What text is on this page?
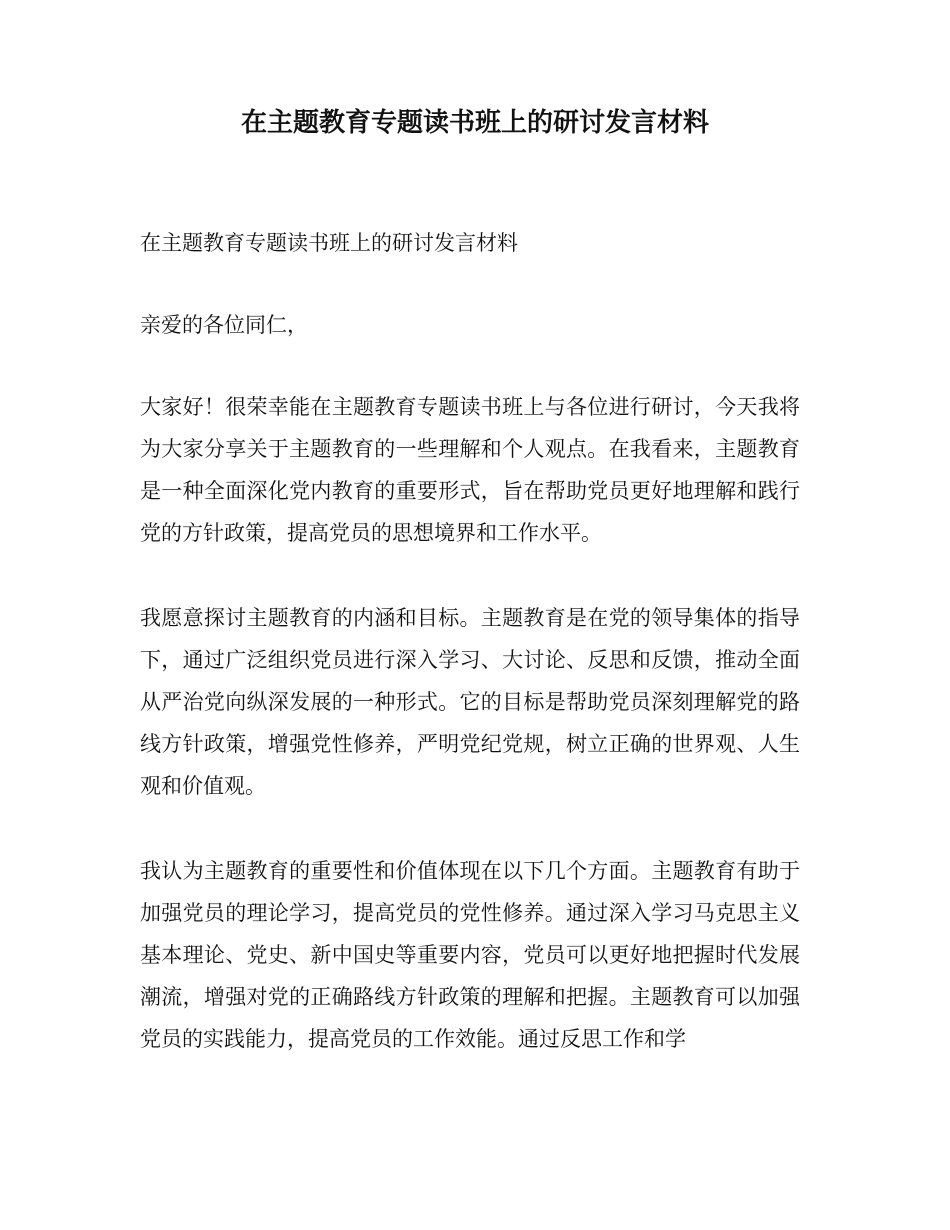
在主题教育专题读书班上的研讨发言材料

在主题教育专题读书班上的研讨发言材料

亲爱的各位同仁，

大家好！很荣幸能在主题教育专题读书班上与各位进行研讨，今天我将为大家分享关于主题教育的一些理解和个人观点。在我看来，主题教育是一种全面深化党内教育的重要形式，旨在帮助党员更好地理解和践行党的方针政策，提高党员的思想境界和工作水平。

我愿意探讨主题教育的内涵和目标。主题教育是在党的领导集体的指导下，通过广泛组织党员进行深入学习、大讨论、反思和反馈，推动全面从严治党向纵深发展的一种形式。它的目标是帮助党员深刻理解党的路线方针政策，增强党性修养，严明党纪党规，树立正确的世界观、人生观和价值观。

我认为主题教育的重要性和价值体现在以下几个方面。主题教育有助于加强党员的理论学习，提高党员的党性修养。通过深入学习马克思主义基本理论、党史、新中国史等重要内容，党员可以更好地把握时代发展潮流，增强对党的正确路线方针政策的理解和把握。主题教育可以加强党员的实践能力，提高党员的工作效能。通过反思工作和学
